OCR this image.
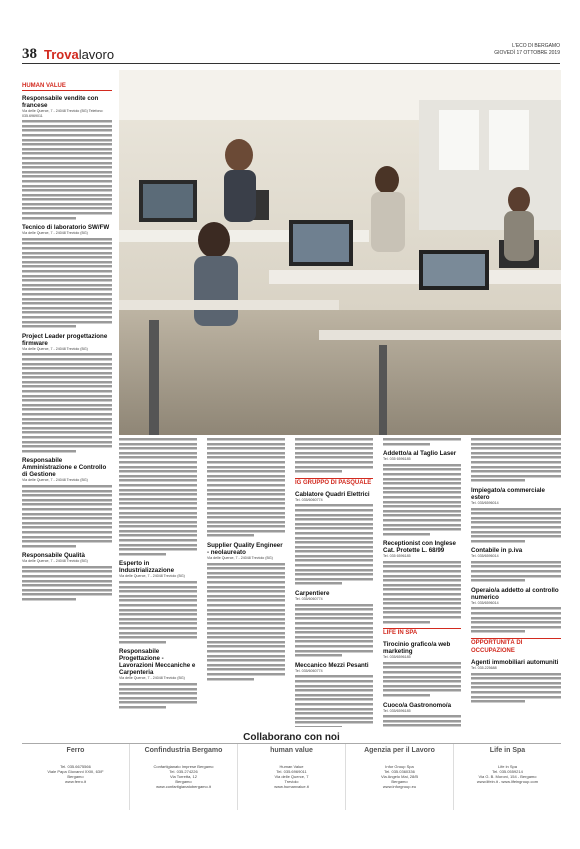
38 Trovalavoro
L'ECO DI BERGAMO
GIOVEDÌ 17 OTTOBRE 2019
HUMAN VALUE
Responsabile vendite con francese
Via delle Querce, 7 - 24048 Treviolo (BG) Telefono: 035.6969011
Tecnico di laboratorio SW/FW
Via delle Querce, 7 - 24048 Treviolo (BG)
Project Leader progettazione firmware
Via delle Querce, 7 - 24048 Treviolo (BG)
Responsabile Amministrazione e Controllo di Gestione
Via delle Querce, 7 - 24048 Treviolo (BG)
Responsabile Qualità
Via delle Querce, 7 - 24048 Treviolo (BG)	Esperto in Industrializzazione
Via delle Querce, 7 - 24048 Treviolo (BG)
Responsabile Progettazione - Lavorazioni Meccaniche e Carpenteria
Via delle Querce, 7 - 24048 Treviolo (BG)
Supplier Quality Engineer - neolaureato
Via delle Querce, 7 - 24048 Treviolo (BG)
IG GRUPPO DI PASQUALE
Cablatore Quadri Elettrici
Tel. 035/6060774
Carpentiere
Tel. 035/6060774
Meccanico Mezzi Pesanti
Tel. 035/6060774
Addetto/a al Taglio Laser
Tel. 035 6596185
Receptionist con Inglese Cat. Protette L. 68/99
Tel. 035 6596185
LIFE IN SPA
Tirocinio grafico/a web marketing
Tel. 035/6596185
Cuoco/a Gastronomo/a
Tel. 035/6596185
Impiegato/a commerciale estero
Tel. 035/6596014
Contabile in p.iva
Tel. 035/6596014
Operaio/a addetto al controllo numerico
Tel. 035/6596014
OPPORTUNITÀ DI OCCUPAZIONE
Agenti immobiliari automuniti
Tel. 035.225688
Collaborano con noi
Ferro
Tel. 035.6675566
Viale Papa Giovanni XXIII, 63/F
Bergamo
www.ferro.it
Confindustria Bergamo
Confartigianato Imprese Bergamo
Tel. 035.274226
Via Torretta, 12
Bergamo
www.confartigianatobergamo.it
human value
Human Value
Tel. 035.6969011
Via delle Querce, 7
Treviolo
www.humanvalue.it
Agenzia per il Lavoro
Infor Group Spa
Tel. 035.0360336
Via Angelo Mai, 28/B
Bergamo
www.inforgroup.eu
Life in Spa
Life in Spa
Tel. 035.0559214
Via G. B. Moroni, 154 - Bergamo
www.lifein.it - www.lifeingroup.com
